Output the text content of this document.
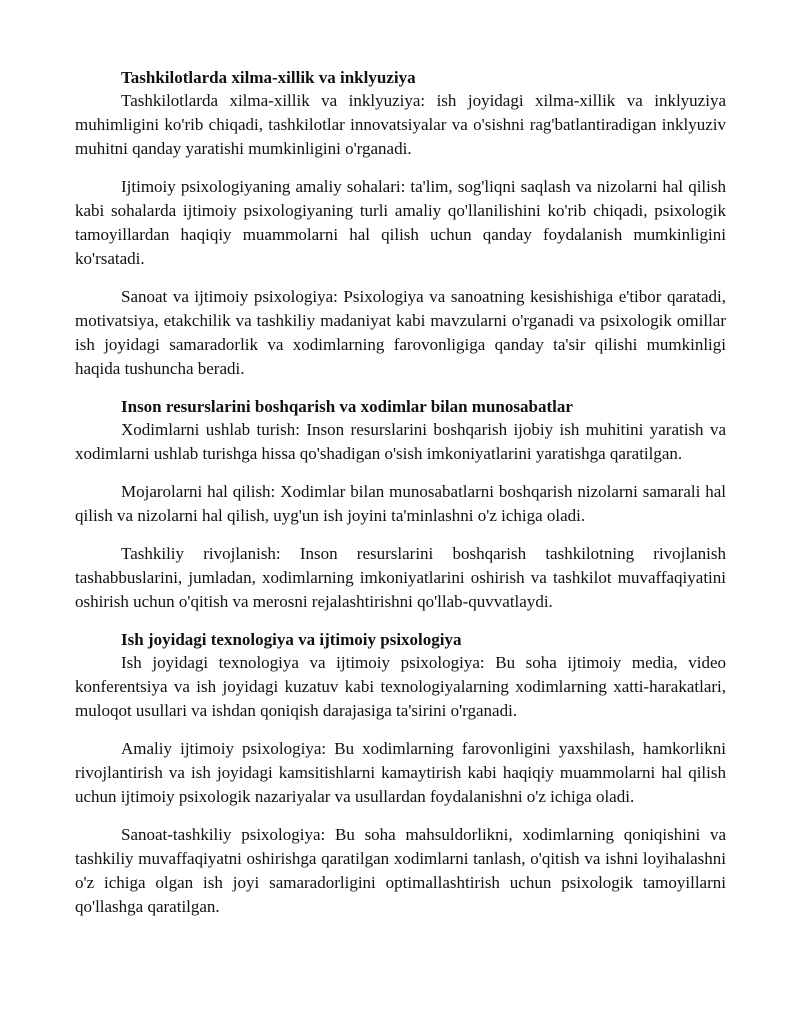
Tashkilotlarda xilma-xillik va inklyuziya

Tashkilotlarda xilma-xillik va inklyuziya: ish joyidagi xilma-xillik va inklyuziya muhimligini ko'rib chiqadi, tashkilotlar innovatsiyalar va o'sishni rag'batlantiradigan inklyuziv muhitni qanday yaratishi mumkinligini o'rganadi.

Ijtimoiy psixologiyaning amaliy sohalari: ta'lim, sog'liqni saqlash va nizolarni hal qilish kabi sohalarda ijtimoiy psixologiyaning turli amaliy qo'llanilishini ko'rib chiqadi, psixologik tamoyillardan haqiqiy muammolarni hal qilish uchun qanday foydalanish mumkinligini ko'rsatadi.

Sanoat va ijtimoiy psixologiya: Psixologiya va sanoatning kesishishiga e'tibor qaratadi, motivatsiya, etakchilik va tashkiliy madaniyat kabi mavzularni o'rganadi va psixologik omillar ish joyidagi samaradorlik va xodimlarning farovonligiga qanday ta'sir qilishi mumkinligi haqida tushuncha beradi.

Inson resurslarini boshqarish va xodimlar bilan munosabatlar

Xodimlarni ushlab turish: Inson resurslarini boshqarish ijobiy ish muhitini yaratish va xodimlarni ushlab turishga hissa qo'shadigan o'sish imkoniyatlarini yaratishga qaratilgan.

Mojarolarni hal qilish: Xodimlar bilan munosabatlarni boshqarish nizolarni samarali hal qilish va nizolarni hal qilish, uyg'un ish joyini ta'minlashni o'z ichiga oladi.

Tashkiliy rivojlanish: Inson resurslarini boshqarish tashkilotning rivojlanish tashabbuslarini, jumladan, xodimlarning imkoniyatlarini oshirish va tashkilot muvaffaqiyatini oshirish uchun o'qitish va merosni rejalashtirishni qo'llab-quvvatlaydi.

Ish joyidagi texnologiya va ijtimoiy psixologiya

Ish joyidagi texnologiya va ijtimoiy psixologiya: Bu soha ijtimoiy media, video konferentsiya va ish joyidagi kuzatuv kabi texnologiyalarning xodimlarning xatti-harakatlari, muloqot usullari va ishdan qoniqish darajasiga ta'sirini o'rganadi.

Amaliy ijtimoiy psixologiya: Bu xodimlarning farovonligini yaxshilash, hamkorlikni rivojlantirish va ish joyidagi kamsitishlarni kamaytirish kabi haqiqiy muammolarni hal qilish uchun ijtimoiy psixologik nazariyalar va usullardan foydalanishni o'z ichiga oladi.

Sanoat-tashkiliy psixologiya: Bu soha mahsuldorlikni, xodimlarning qoniqishini va tashkiliy muvaffaqiyatni oshirishga qaratilgan xodimlarni tanlash, o'qitish va ishni loyihalashni o'z ichiga olgan ish joyi samaradorligini optimallashtirish uchun psixologik tamoyillarni qo'llashga qaratilgan.
